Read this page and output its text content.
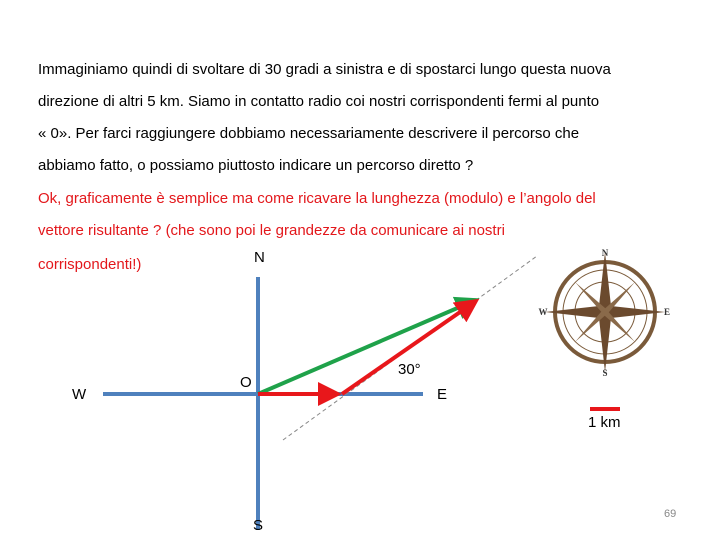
Immaginiamo quindi di svoltare di 30 gradi a sinistra e di spostarci lungo questa nuova
direzione di altri 5 km. Siamo in contatto radio coi nostri corrispondenti fermi al punto
« 0». Per farci raggiungere dobbiamo necessariamente descrivere il percorso che
abbiamo fatto, o possiamo piuttosto indicare un percorso diretto ?
Ok, graficamente è semplice ma come ricavare la lunghezza (modulo) e l’angolo del
vettore risultante ? (che sono poi le grandezze da comunicare ai nostri
corrispondenti!)
N
S
W	E
N
S
W	E
O
30°
1 km
69
